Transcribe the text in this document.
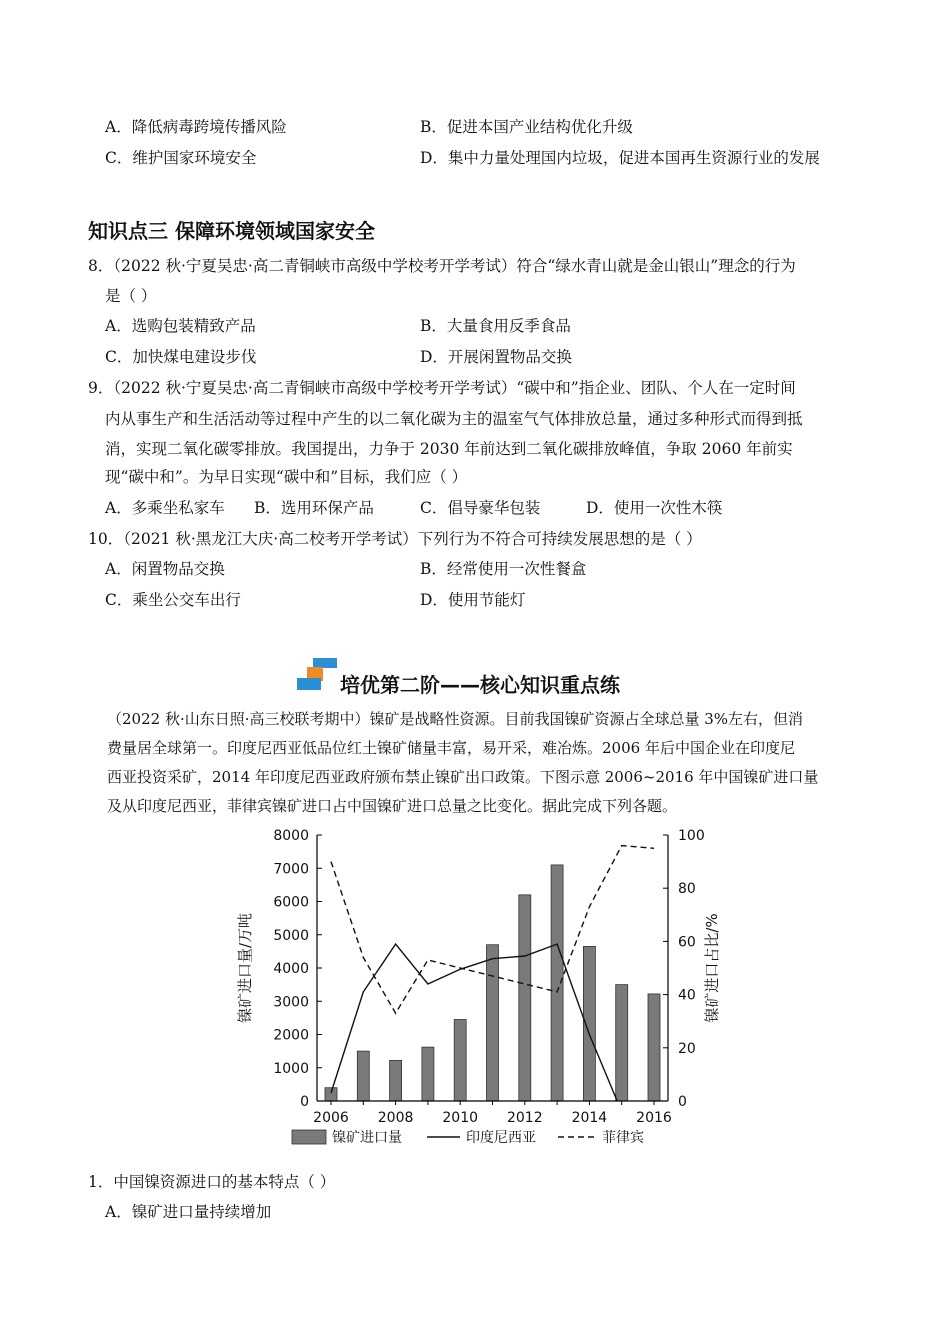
A．降低病毒跨境传播风险	B．促进本国产业结构优化升级
C．维护国家环境安全	D．集中力量处理国内垃圾，促进本国再生资源行业的发展
知识点三 保障环境领域国家安全
8．（2022 秋·宁夏吴忠·高二青铜峡市高级中学校考开学考试）符合“绿水青山就是金山银山”理念的行为
是（ ）
A．选购包装精致产品	B．大量食用反季食品
C．加快煤电建设步伐	D．开展闲置物品交换
9．（2022 秋·宁夏吴忠·高二青铜峡市高级中学校考开学考试）“碳中和”指企业、团队、个人在一定时间
内从事生产和生活活动等过程中产生的以二氧化碳为主的温室气气体排放总量，通过多种形式而得到抵
消，实现二氧化碳零排放。我国提出，力争于 2030 年前达到二氧化碳排放峰值，争取 2060 年前实
现“碳中和”。为早日实现“碳中和”目标，我们应（ ）
A．多乘坐私家车 B．选用环保产品	C．倡导豪华包装	D．使用一次性木筷
10．（2021 秋·黑龙江大庆·高二校考开学考试）下列行为不符合可持续发展思想的是（ ）
A．闲置物品交换	B．经常使用一次性餐盒
C．乘坐公交车出行	D．使用节能灯
培优第二阶——核心知识重点练
（2022 秋·山东日照·高三校联考期中）镍矿是战略性资源。目前我国镍矿资源占全球总量 3%左右，但消
费量居全球第一。印度尼西亚低品位红土镍矿储量丰富，易开采，难冶炼。2006 年后中国企业在印度尼
西亚投资采矿，2014 年印度尼西亚政府颁布禁止镍矿出口政策。下图示意 2006~2016 年中国镍矿进口量
及从印度尼西亚，菲律宾镍矿进口占中国镍矿进口总量之比变化。据此完成下列各题。
8000
7000
6000
5000
4000
3000
2000
1000
0
100
80
60
40
20
0
2006 2008 2010 2012 2014 2016
镍矿进口量/万吨	镍矿进口占比/%
镍矿进口量	印度尼西亚	菲律宾
1．中国镍资源进口的基本特点（ ）
A．镍矿进口量持续增加
